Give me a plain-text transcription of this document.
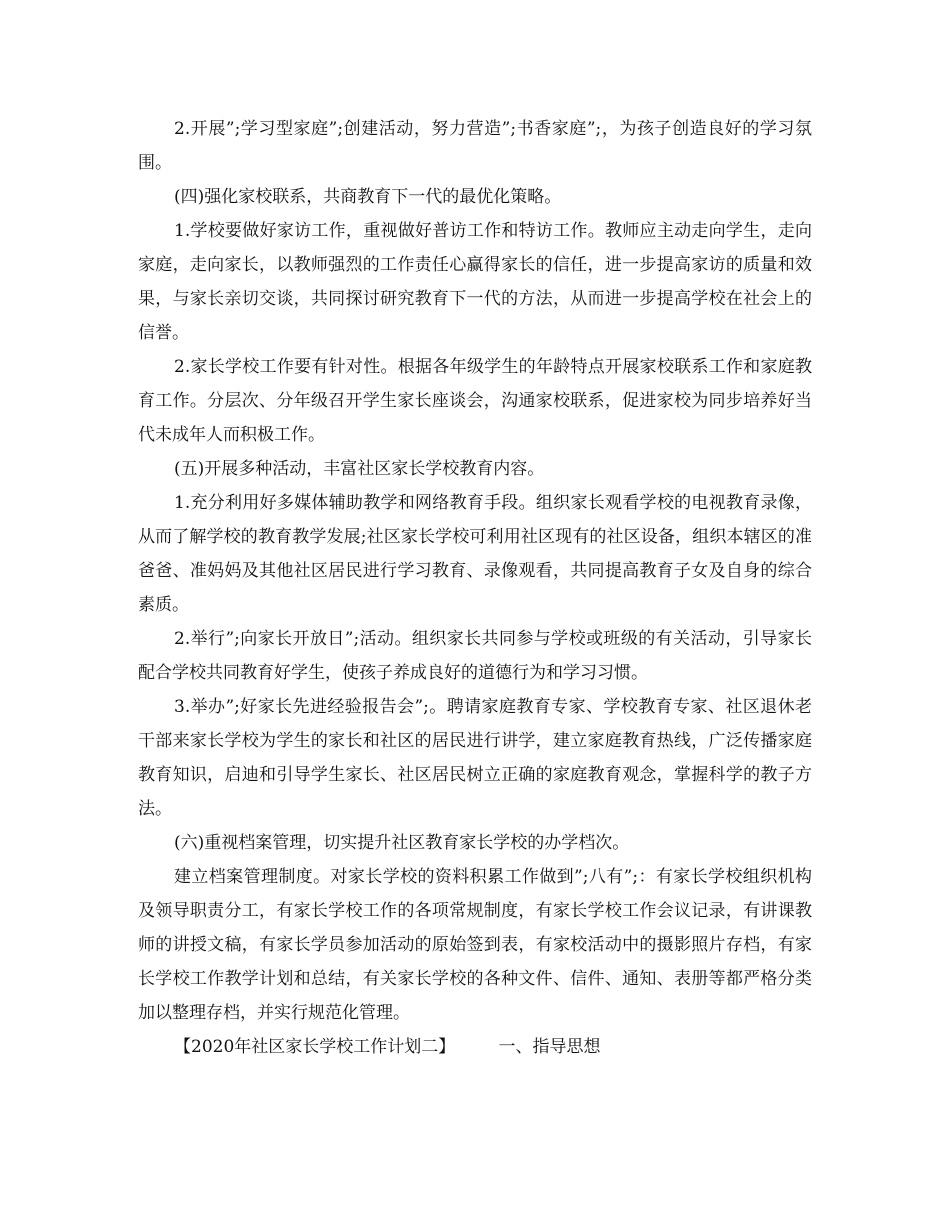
2.开展”;学习型家庭”;创建活动，努力营造”;书香家庭”;，为孩子创造良好的学习氛围。

(四)强化家校联系，共商教育下一代的最优化策略。

1.学校要做好家访工作，重视做好普访工作和特访工作。教师应主动走向学生，走向家庭，走向家长，以教师强烈的工作责任心赢得家长的信任，进一步提高家访的质量和效果，与家长亲切交谈，共同探讨研究教育下一代的方法，从而进一步提高学校在社会上的信誉。

2.家长学校工作要有针对性。根据各年级学生的年龄特点开展家校联系工作和家庭教育工作。分层次、分年级召开学生家长座谈会，沟通家校联系，促进家校为同步培养好当代未成年人而积极工作。

(五)开展多种活动，丰富社区家长学校教育内容。

1.充分利用好多媒体辅助教学和网络教育手段。组织家长观看学校的电视教育录像，从而了解学校的教育教学发展;社区家长学校可利用社区现有的社区设备，组织本辖区的准爸爸、准妈妈及其他社区居民进行学习教育、录像观看，共同提高教育子女及自身的综合素质。

2.举行”;向家长开放日”;活动。组织家长共同参与学校或班级的有关活动，引导家长配合学校共同教育好学生，使孩子养成良好的道德行为和学习习惯。

3.举办”;好家长先进经验报告会”;。聘请家庭教育专家、学校教育专家、社区退休老干部来家长学校为学生的家长和社区的居民进行讲学，建立家庭教育热线，广泛传播家庭教育知识，启迪和引导学生家长、社区居民树立正确的家庭教育观念，掌握科学的教子方法。

(六)重视档案管理，切实提升社区教育家长学校的办学档次。

建立档案管理制度。对家长学校的资料积累工作做到”;八有”;：有家长学校组织机构及领导职责分工，有家长学校工作的各项常规制度，有家长学校工作会议记录，有讲课教师的讲授文稿，有家长学员参加活动的原始签到表，有家校活动中的摄影照片存档，有家长学校工作教学计划和总结，有关家长学校的各种文件、信件、通知、表册等都严格分类加以整理存档，并实行规范化管理。

【2020年社区家长学校工作计划二】        一、指导思想
